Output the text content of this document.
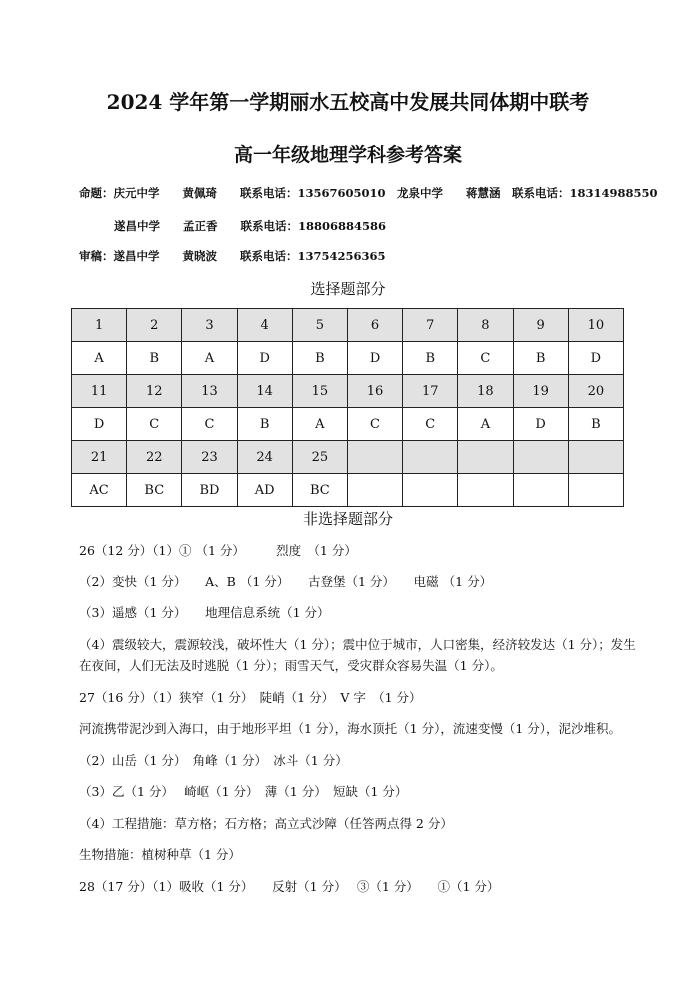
2024 学年第一学期丽水五校高中发展共同体期中联考
高一年级地理学科参考答案
命题：庆元中学　　黄佩琦　　联系电话：13567605010　龙泉中学　　蒋慧涵　联系电话：18314988550
遂昌中学　　孟正香　　联系电话：18806884586
审稿：遂昌中学　　黄晓波　　联系电话：13754256365
选择题部分
1	2	3	4	5	6	7	8	9	10
A	B	A	D	B	D	B	C	B	D
11	12	13	14	15	16	17	18	19	20
D	C	C	B	A	C	C	A	D	B
21	22	23	24	25					
AC	BC	BD	AD	BC					
非选择题部分
26（12 分）（1）① （1 分）　　　烈度　（1 分）
（2）变快（1 分）　　A、B （1 分）　　古登堡（1 分）　　电磁 （1 分）
（3）遥感（1 分）　　地理信息系统（1 分）
（4）震级较大，震源较浅，破坏性大（1 分）；震中位于城市，人口密集，经济较发达（1 分）；发生
在夜间，人们无法及时逃脱（1 分）；雨雪天气，受灾群众容易失温（1 分）。
27（16 分）（1）狭窄（1 分）　陡峭（1 分）　V 字　（1 分）
河流携带泥沙到入海口，由于地形平坦（1 分），海水顶托（1 分），流速变慢（1 分），泥沙堆积。
（2）山岳（1 分）　角峰（1 分）　冰斗（1 分）
（3）乙（1 分）　 崎岖（1 分）　薄（1 分）　短缺（1 分）
（4）工程措施：草方格；石方格；高立式沙障（任答两点得 2 分）
生物措施：植树种草（1 分）
28（17 分）（1）吸收（1 分）　　反射（1 分）　 ③（1 分）　　①（1 分）
